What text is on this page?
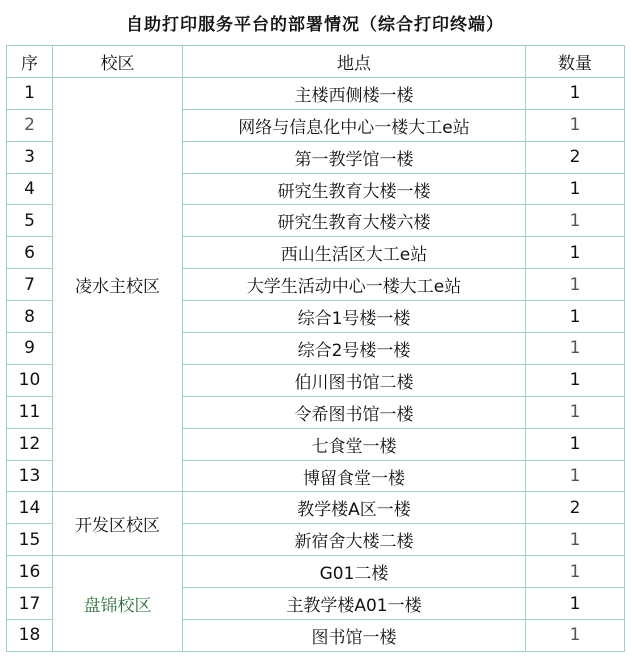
自助打印服务平台的部署情况（综合打印终端）
序	校区	地点	数量
1	凌水主校区	主楼西侧楼一楼	1
2		网络与信息化中心一楼大工e站	1
3		第一教学馆一楼	2
4		研究生教育大楼一楼	1
5		研究生教育大楼六楼	1
6		西山生活区大工e站	1
7		大学生活动中心一楼大工e站	1
8		综合1号楼一楼	1
9		综合2号楼一楼	1
10		伯川图书馆二楼	1
11		令希图书馆一楼	1
12		七食堂一楼	1
13		博留食堂一楼	1
14	开发区校区	教学楼A区一楼	2
15		新宿舍大楼二楼	1
16	盘锦校区	G01二楼	1
17		主教学楼A01一楼	1
18		图书馆一楼	1
